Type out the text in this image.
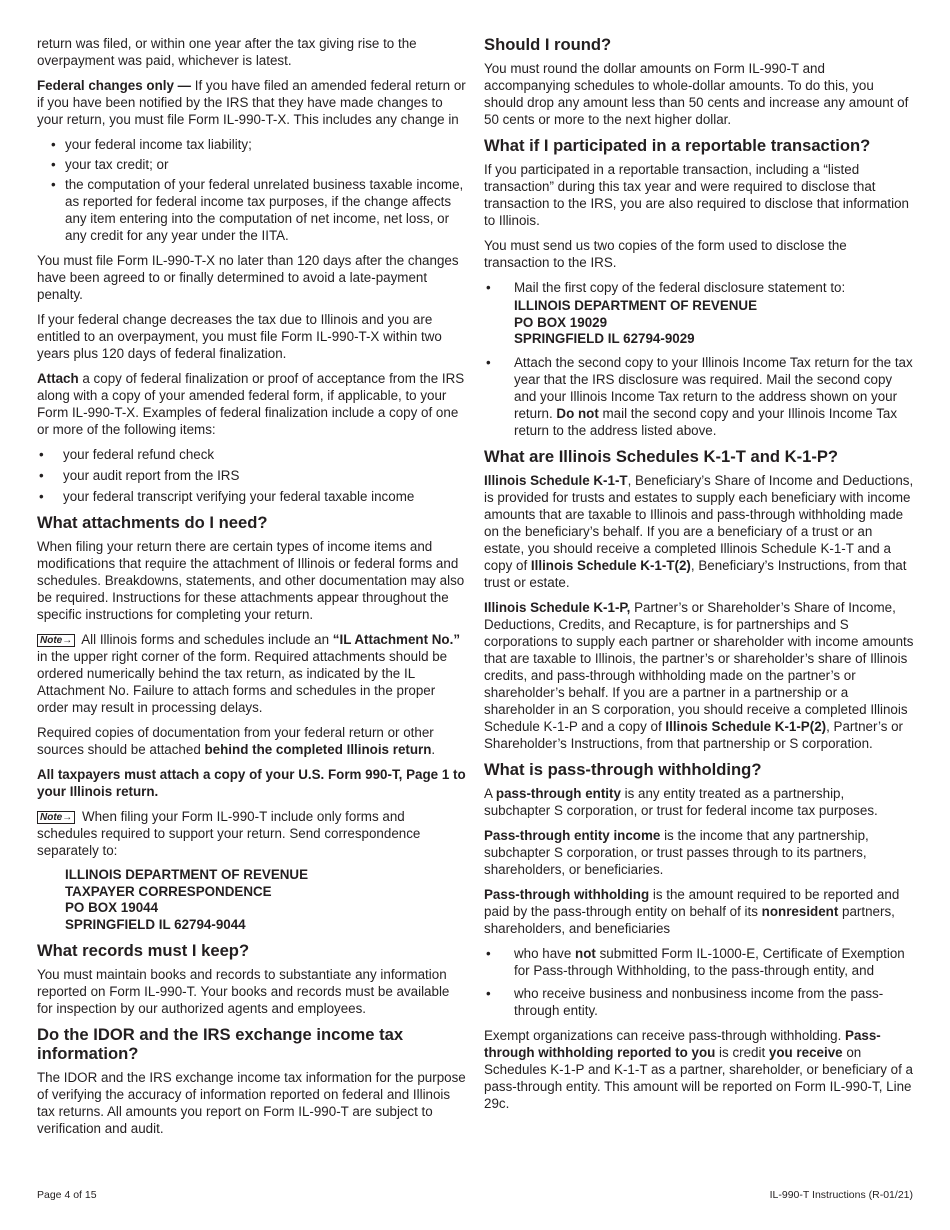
return was filed, or within one year after the tax giving rise to the overpayment was paid, whichever is latest.

Federal changes only — If you have filed an amended federal return or if you have been notified by the IRS that they have made changes to your return, you must file Form IL-990-T-X. This includes any change in

• your federal income tax liability;
• your tax credit; or
• the computation of your federal unrelated business taxable income, as reported for federal income tax purposes, if the change affects any item entering into the computation of net income, net loss, or any credit for any year under the IITA.

You must file Form IL-990-T-X no later than 120 days after the changes have been agreed to or finally determined to avoid a late-payment penalty.

If your federal change decreases the tax due to Illinois and you are entitled to an overpayment, you must file Form IL-990-T-X within two years plus 120 days of federal finalization.

Attach a copy of federal finalization or proof of acceptance from the IRS along with a copy of your amended federal form, if applicable, to your Form IL-990-T-X. Examples of federal finalization include a copy of one or more of the following items:

• your federal refund check
• your audit report from the IRS
• your federal transcript verifying your federal taxable income
What attachments do I need?

When filing your return there are certain types of income items and modifications that require the attachment of Illinois or federal forms and schedules. Breakdowns, statements, and other documentation may also be required. Instructions for these attachments appear throughout the specific instructions for completing your return.

Note → All Illinois forms and schedules include an “IL Attachment No.” in the upper right corner of the form. Required attachments should be ordered numerically behind the tax return, as indicated by the IL Attachment No. Failure to attach forms and schedules in the proper order may result in processing delays.

Required copies of documentation from your federal return or other sources should be attached behind the completed Illinois return.

All taxpayers must attach a copy of your U.S. Form 990-T, Page 1 to your Illinois return.

Note → When filing your Form IL-990-T include only forms and schedules required to support your return. Send correspondence separately to:

ILLINOIS DEPARTMENT OF REVENUE
TAXPAYER CORRESPONDENCE
PO BOX 19044
SPRINGFIELD IL 62794-9044
What records must I keep?

You must maintain books and records to substantiate any information reported on Form IL-990-T. Your books and records must be available for inspection by our authorized agents and employees.

Do the IDOR and the IRS exchange income tax information?

The IDOR and the IRS exchange income tax information for the purpose of verifying the accuracy of information reported on federal and Illinois tax returns. All amounts you report on Form IL-990-T are subject to verification and audit.

Should I round?

You must round the dollar amounts on Form IL-990-T and accompanying schedules to whole-dollar amounts. To do this, you should drop any amount less than 50 cents and increase any amount of 50 cents or more to the next higher dollar.

What if I participated in a reportable transaction?

If you participated in a reportable transaction, including a “listed transaction” during this tax year and were required to disclose that transaction to the IRS, you are also required to disclose that information to Illinois.

You must send us two copies of the form used to disclose the transaction to the IRS.

• Mail the first copy of the federal disclosure statement to:
ILLINOIS DEPARTMENT OF REVENUE
PO BOX 19029
SPRINGFIELD IL 62794-9029
• Attach the second copy to your Illinois Income Tax return for the tax year that the IRS disclosure was required. Mail the second copy and your Illinois Income Tax return to the address shown on your return. Do not mail the second copy and your Illinois Income Tax return to the address listed above.
What are Illinois Schedules K-1-T and K-1-P?

Illinois Schedule K-1-T, Beneficiary’s Share of Income and Deductions, is provided for trusts and estates to supply each beneficiary with income amounts that are taxable to Illinois and pass-through withholding made on the beneficiary’s behalf. If you are a beneficiary of a trust or an estate, you should receive a completed Illinois Schedule K-1-T and a copy of Illinois Schedule K-1-T(2), Beneficiary’s Instructions, from that trust or estate.

Illinois Schedule K-1-P, Partner’s or Shareholder’s Share of Income, Deductions, Credits, and Recapture, is for partnerships and S corporations to supply each partner or shareholder with income amounts that are taxable to Illinois, the partner’s or shareholder’s share of Illinois credits, and pass-through withholding made on the partner’s or shareholder’s behalf. If you are a partner in a partnership or a shareholder in an S corporation, you should receive a completed Illinois Schedule K-1-P and a copy of Illinois Schedule K-1-P(2), Partner’s or Shareholder’s Instructions, from that partnership or S corporation.

What is pass-through withholding?

A pass-through entity is any entity treated as a partnership, subchapter S corporation, or trust for federal income tax purposes.

Pass-through entity income is the income that any partnership, subchapter S corporation, or trust passes through to its partners, shareholders, or beneficiaries.

Pass-through withholding is the amount required to be reported and paid by the pass-through entity on behalf of its nonresident partners, shareholders, and beneficiaries

• who have not submitted Form IL-1000-E, Certificate of Exemption for Pass-through Withholding, to the pass-through entity, and
• who receive business and nonbusiness income from the pass-through entity.

Exempt organizations can receive pass-through withholding. Pass-through withholding reported to you is credit you receive on Schedules K-1-P and K-1-T as a partner, shareholder, or beneficiary of a pass-through entity. This amount will be reported on Form IL-990-T, Line 29c.

Page 4 of 15	IL-990-T Instructions (R-01/21)
